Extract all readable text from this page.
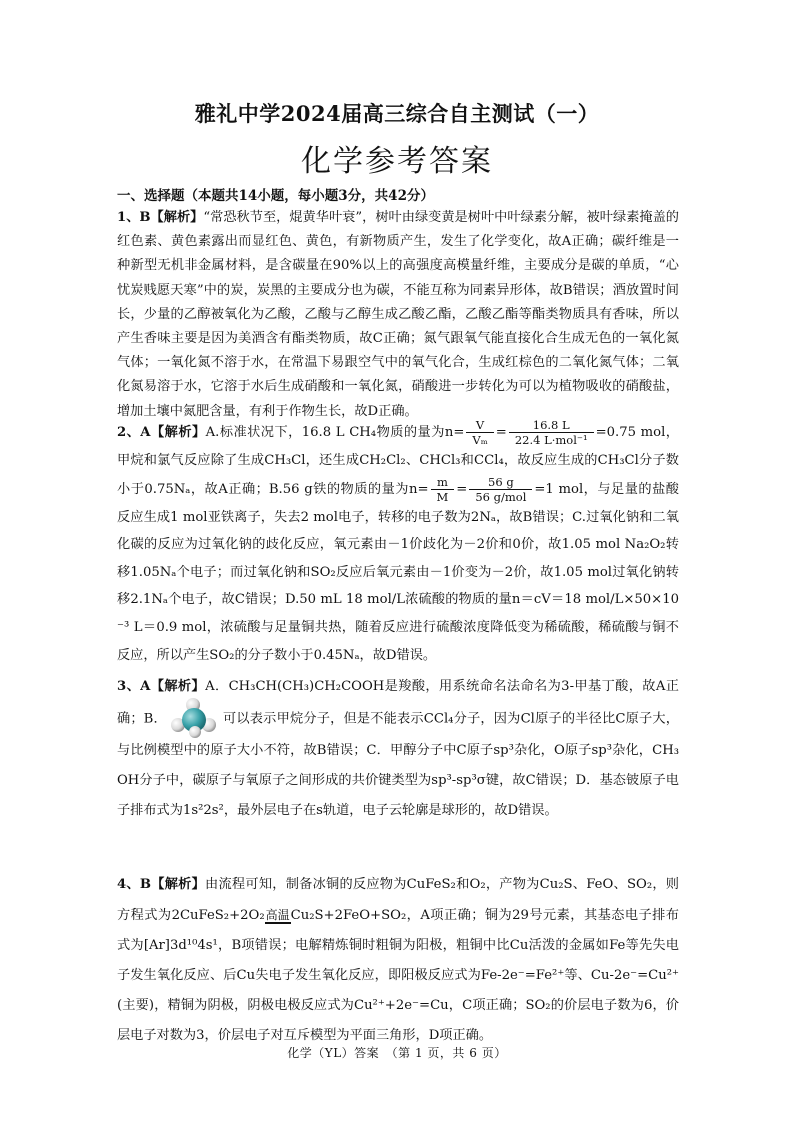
雅礼中学2024届高三综合自主测试（一）
化学参考答案
一、选择题（本题共14小题，每小题3分，共42分）
1、B【解析】“常恐秋节至，焜黄华叶衰”，树叶由绿变黄是树叶中叶绿素分解，被叶绿素掩盖的红色素、黄色素露出而显红色、黄色，有新物质产生，发生了化学变化，故A正确；碳纤维是一种新型无机非金属材料，是含碳量在90%以上的高强度高模量纤维，主要成分是碳的单质，“心忧炭贱愿天寒”中的炭，炭黑的主要成分也为碳，不能互称为同素异形体，故B错误；酒放置时间长，少量的乙醇被氧化为乙酸，乙酸与乙醇生成乙酸乙酯，乙酸乙酯等酯类物质具有香味，所以产生香味主要是因为美酒含有酯类物质，故C正确；氮气跟氧气能直接化合生成无色的一氧化氮气体；一氧化氮不溶于水，在常温下易跟空气中的氧气化合，生成红棕色的二氧化氮气体；二氧化氮易溶于水，它溶于水后生成硝酸和一氧化氮，硝酸进一步转化为可以为植物吸收的硝酸盐，增加土壤中氮肥含量，有利于作物生长，故D正确。
2、A【解析】A.标准状况下，16.8 L CH₄物质的量为$n= \frac{V}{\text{Vₘ}} = \frac{16.8 L}{\text{22.4 L·mol⁻¹}} =0.75$ mol，甲烷和氯气反应除了生成CH₃Cl，还生成CH₂Cl₂、CHCl₃和CCl₄，故反应生成的CH₃Cl分子数小于0.75Nₐ，故A正确；B.56 g铁的物质的量为$n= \frac{m}{M} = \frac{56 g}{\text{56 g/mol}} =1$ mol，与足量的盐酸反应生成1 mol亚铁离子，失去2 mol电子，转移的电子数为2Nₐ，故B错误；C.过氧化钠和二氧化碳的反应为过氧化钠的歧化反应，氧元素由－1价歧化为－2价和0价，故1.05 mol Na₂O₂转移1.05Nₐ个电子；而过氧化钠和SO₂反应后氧元素由－1价变为－2价，故1.05 mol过氧化钠转移2.1Nₐ个电子，故C错误；D.50 mL 18 mol/L浓硫酸的物质的量n＝cV＝18 mol/L×50×10⁻³ L＝0.9 mol，浓硫酸与足量铜共热，随着反应进行硫酸浓度降低变为稀硫酸，稀硫酸与铜不反应，所以产生SO₂的分子数小于0.45Nₐ，故D错误。
3、A【解析】A．CH₃CH(CH₃)CH₂COOH是羧酸，用系统命名法命名为3-甲基丁酸，故A正确；B．	可以表示甲烷分子，但是不能表示CCl₄分子，因为Cl原子的半径比C原子大，与比例模型中的原子大小不符，故B错误；C．甲醇分子中C原子sp³杂化，O原子sp³杂化，CH₃OH分子中，碳原子与氧原子之间形成的共价键类型为sp³-sp³σ键，故C错误；D．基态铍原子电子排布式为1s²2s²，最外层电子在s轨道，电子云轮廓是球形的，故D错误。
4、B【解析】由流程可知，制备冰铜的反应物为CuFeS₂和O₂，产物为Cu₂S、FeO、SO₂，则方程式为2CuFeS₂+2O₂高温Cu₂S+2FeO+SO₂，A项正确；铜为29号元素，其基态电子排布式为[Ar]3d¹⁰4s¹，B项错误；电解精炼铜时粗铜为阳极，粗铜中比Cu活泼的金属如Fe等先失电子发生氧化反应、后Cu失电子发生氧化反应，即阳极反应式为Fe-2e⁻=Fe²⁺等、Cu-2e⁻=Cu²⁺(主要)，精铜为阴极，阴极电极反应式为Cu²⁺+2e⁻=Cu，C项正确；SO₂的价层电子数为6，价层电子对数为3，价层电子对互斥模型为平面三角形，D项正确。
化学（YL）答案　（第 1 页，共 6 页）
